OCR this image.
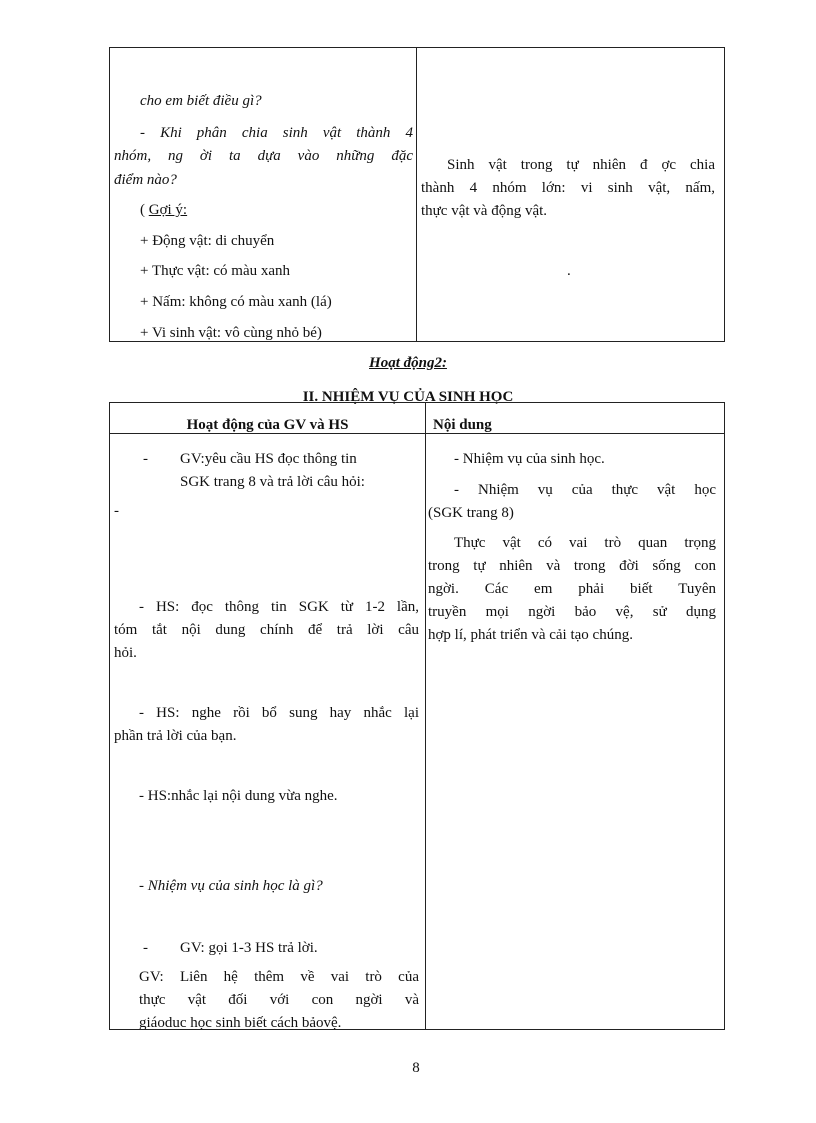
cho em biết điều gì?
- Khi phân chia sinh vật thành 4
nhóm, ng ời ta dựa vào những đặc
điểm nào?
( Gợi ý:
+ Động vật: di chuyển
+ Thực vật: có màu xanh
+ Nấm: không có màu xanh (lá)
+ Vi sinh vật: vô cùng nhỏ bé)
Sinh vật trong tự nhiên đ ợc chia
thành 4 nhóm lớn: vi sinh vật, nấm,
thực vật và động vật.
.
Hoạt động2:
II. NHIỆM VỤ CỦA SINH HỌC
Hoạt động của GV và HS	Nội dung
- GV:yêu cầu HS đọc thông tin
SGK trang 8 và trả lời câu hỏi:
-
- HS: đọc thông tin SGK từ 1-2 lần,
tóm tắt nội dung chính để trả lời câu
hỏi.
- HS: nghe rồi bổ sung hay nhắc lại
phần trả lời của bạn.
- HS:nhắc lại nội dung vừa nghe.
- Nhiệm vụ của sinh học là gì?
- GV: gọi 1-3 HS trả lời.
GV: Liên hệ thêm về vai trò của
thực vật đối với con ngời và
giáoduc học sinh biết cách bảovệ.
- Nhiệm vụ của sinh học.
- Nhiệm vụ của thực vật học
(SGK trang 8)
Thực vật có vai trò quan trọng
trong tự nhiên và trong đời sống con
ngời. Các em phải biết Tuyên
truyền mọi ngời bảo vệ, sử dụng
hợp lí, phát triển và cải tạo chúng.
8
